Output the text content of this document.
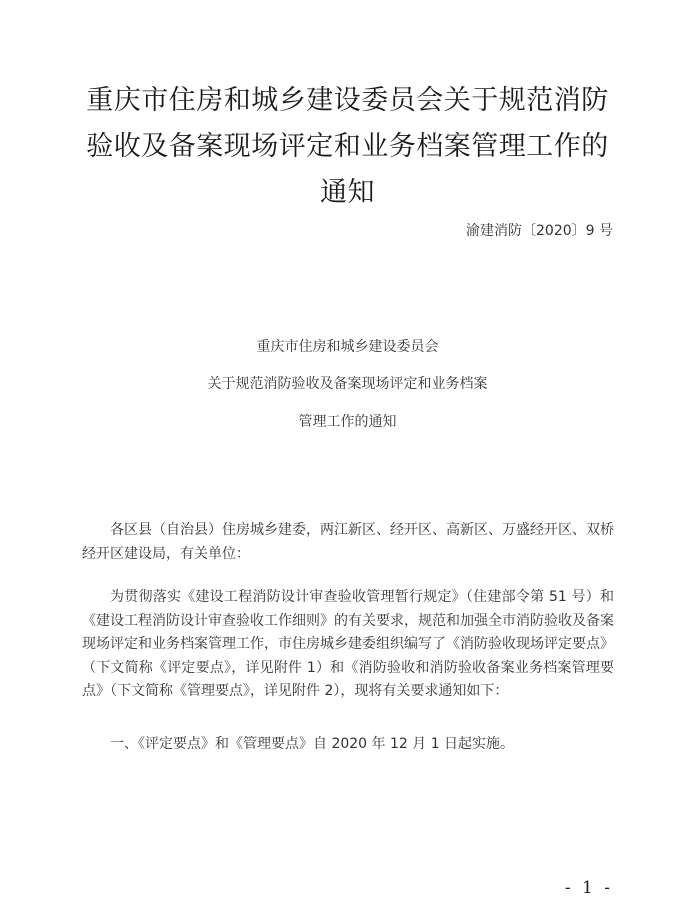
重庆市住房和城乡建设委员会关于规范消防
验收及备案现场评定和业务档案管理工作的
通知
渝建消防〔2020〕9 号
重庆市住房和城乡建设委员会
关于规范消防验收及备案现场评定和业务档案
管理工作的通知
各区县（自治县）住房城乡建委，两江新区、经开区、高新区、万盛经开区、双桥经开区建设局，有关单位：
为贯彻落实《建设工程消防设计审查验收管理暂行规定》（住建部令第 51 号）和《建设工程消防设计审查验收工作细则》的有关要求，规范和加强全市消防验收及备案现场评定和业务档案管理工作，市住房城乡建委组织编写了《消防验收现场评定要点》（下文简称《评定要点》，详见附件 1）和《消防验收和消防验收备案业务档案管理要点》（下文简称《管理要点》，详见附件 2），现将有关要求通知如下：
一、《评定要点》和《管理要点》自 2020 年 12 月 1 日起实施。
- 1 -
